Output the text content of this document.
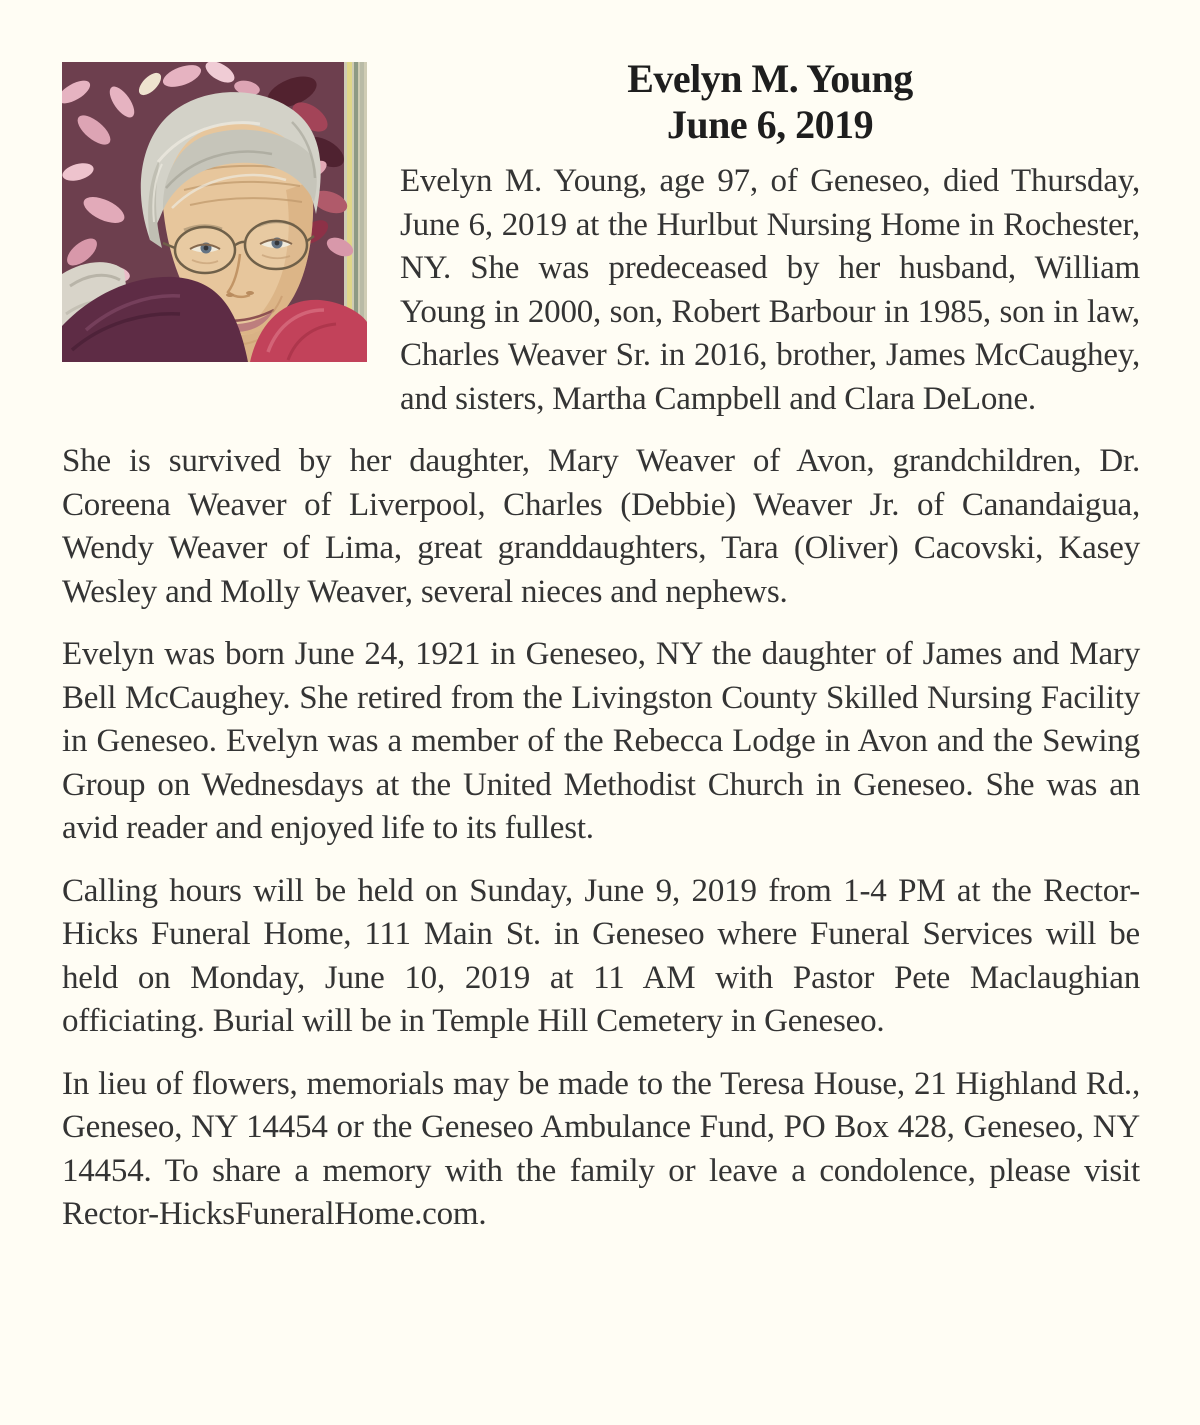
Evelyn M. Young
June 6, 2019

Evelyn M. Young, age 97, of Geneseo, died Thursday, June 6, 2019 at the Hurlbut Nursing Home in Rochester, NY. She was predeceased by her husband, William Young in 2000, son, Robert Barbour in 1985, son in law, Charles Weaver Sr. in 2016, brother, James McCaughey, and sisters, Martha Campbell and Clara DeLone.

She is survived by her daughter, Mary Weaver of Avon, grandchildren, Dr. Coreena Weaver of Liverpool, Charles (Debbie) Weaver Jr. of Canandaigua, Wendy Weaver of Lima, great granddaughters, Tara (Oliver) Cacovski, Kasey Wesley and Molly Weaver, several nieces and nephews.

Evelyn was born June 24, 1921 in Geneseo, NY the daughter of James and Mary Bell McCaughey. She retired from the Livingston County Skilled Nursing Facility in Geneseo. Evelyn was a member of the Rebecca Lodge in Avon and the Sewing Group on Wednesdays at the United Methodist Church in Geneseo. She was an avid reader and enjoyed life to its fullest.

Calling hours will be held on Sunday, June 9, 2019 from 1-4 PM at the Rector-Hicks Funeral Home, 111 Main St. in Geneseo where Funeral Services will be held on Monday, June 10, 2019 at 11 AM with Pastor Pete Maclaughian officiating. Burial will be in Temple Hill Cemetery in Geneseo.

In lieu of flowers, memorials may be made to the Teresa House, 21 Highland Rd., Geneseo, NY 14454 or the Geneseo Ambulance Fund, PO Box 428, Geneseo, NY 14454. To share a memory with the family or leave a condolence, please visit Rector-HicksFuneralHome.com.
